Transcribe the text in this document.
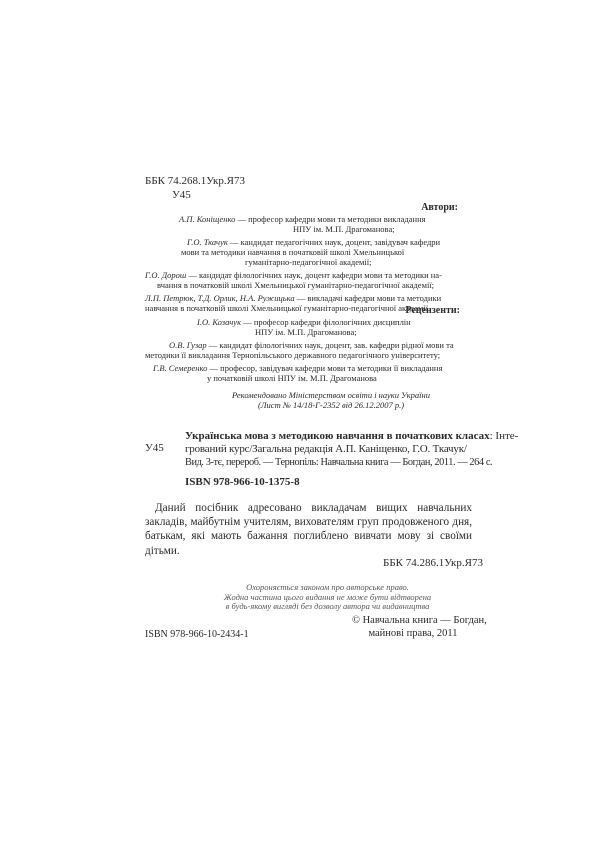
ББК 74.268.1Укр.Я73
У45
Автори:
А.П. Коніщенко — професор кафедри мови та методики викладання
НПУ ім. М.П. Драгоманова;
Г.О. Ткачук — кандидат педагогічних наук, доцент, завідувач кафедри
мови та методики навчання в початковій школі Хмельницької
гуманітарно-педагогічної академії;
Г.О. Дорош — кандидат філологічних наук, доцент кафедри мови та методики на-
вчання в початковій школі Хмельницької гуманітарно-педагогічної академії;
Л.П. Петрюк, Т.Д. Орлик, Н.А. Ружицька — викладачі кафедри мови та методики
навчання в початковій школі Хмельницької гуманітарно-педагогічної академії
Рецензенти:
І.О. Козачук — професор кафедри філологічних дисциплін
НПУ ім. М.П. Драгоманова;
О.В. Гузар — кандидат філологічних наук, доцент, зав. кафедри рідної мови та
методики її викладання Тернопільського державного педагогічного університету;
Г.В. Семеренко — професор, завідувач кафедри мови та методики її викладання
у початковій школі НПУ ім. М.П. Драгоманова
Рекомендовано Міністерством освіти і науки України
(Лист № 14/18-Г-2352 від 26.12.2007 р.)
У45
Українська мова з методикою навчання в початкових класах: Інте-
грований курс/Загальна редакція А.П. Каніщенко, Г.О. Ткачук/
Вид. 3-тє, перероб. — Тернопіль: Навчальна книга — Богдан, 2011. — 264 с.
ISBN 978-966-10-1375-8
Даний посібник адресовано викладачам вищих навчальних закладів, майбутнім учителям, вихователям груп продовженого дня, батькам, які мають бажання поглиблено вивчати мову зі своїми дітьми.
ББК 74.286.1Укр.Я73
Охороняється законом про авторське право.
Жодна частина цього видання не може бути відтворена
в будь-якому вигляді без дозволу автора чи видавництва
ISBN 978-966-10-2434-1
© Навчальна книга — Богдан,
майнові права, 2011
